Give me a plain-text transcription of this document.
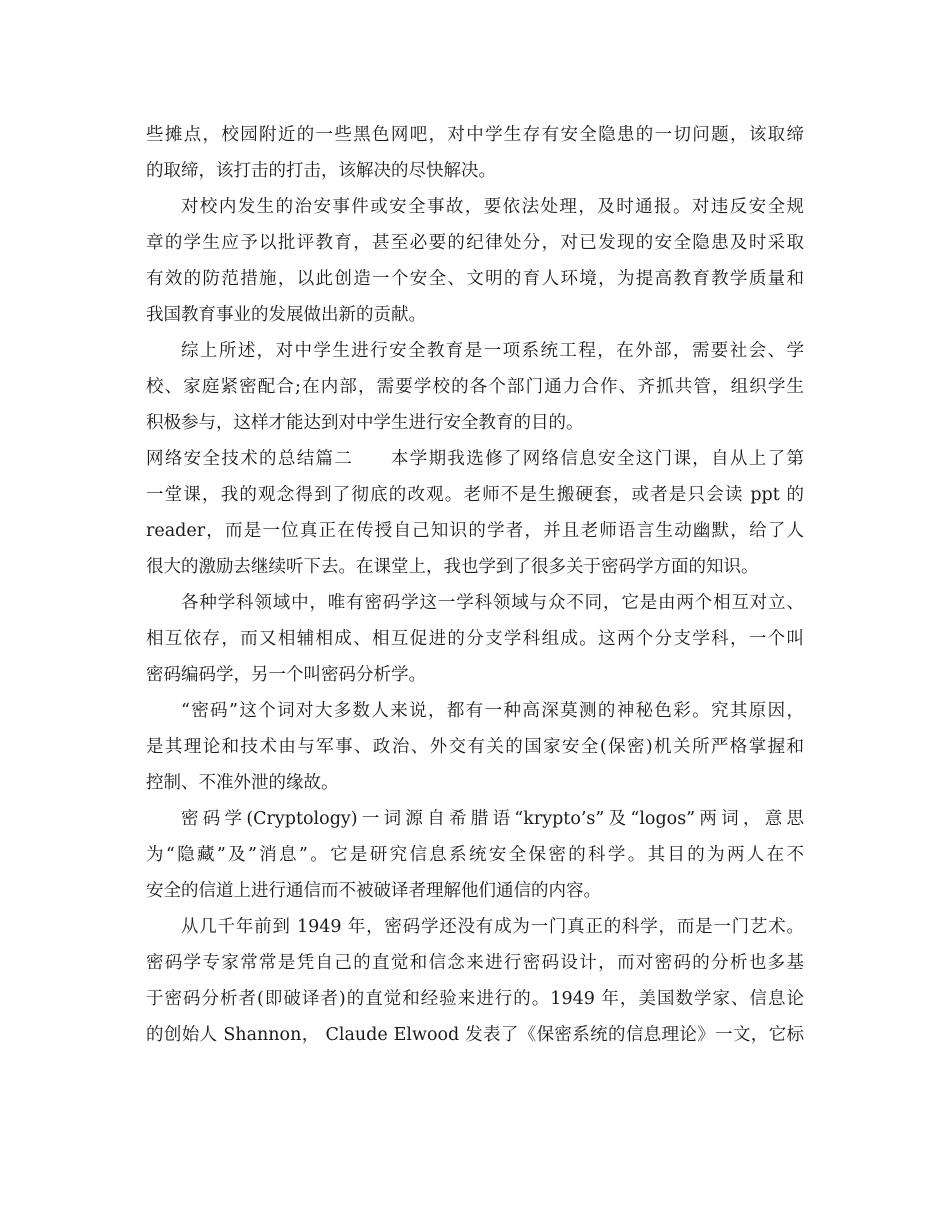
些摊点，校园附近的一些黑色网吧，对中学生存有安全隐患的一切问题，该取缔
的取缔，该打击的打击，该解决的尽快解决。
对校内发生的治安事件或安全事故，要依法处理，及时通报。对违反安全规
章的学生应予以批评教育，甚至必要的纪律处分，对已发现的安全隐患及时采取
有效的防范措施，以此创造一个安全、文明的育人环境，为提高教育教学质量和
我国教育事业的发展做出新的贡献。
综上所述，对中学生进行安全教育是一项系统工程，在外部，需要社会、学
校、家庭紧密配合;在内部，需要学校的各个部门通力合作、齐抓共管，组织学生
积极参与，这样才能达到对中学生进行安全教育的目的。
网络安全技术的总结篇二　　本学期我选修了网络信息安全这门课，自从上了第
一堂课，我的观念得到了彻底的改观。老师不是生搬硬套，或者是只会读 ppt 的
reader，而是一位真正在传授自己知识的学者，并且老师语言生动幽默，给了人
很大的激励去继续听下去。在课堂上，我也学到了很多关于密码学方面的知识。
各种学科领域中，唯有密码学这一学科领域与众不同，它是由两个相互对立、
相互依存，而又相辅相成、相互促进的分支学科组成。这两个分支学科，一个叫
密码编码学，另一个叫密码分析学。
“密码”这个词对大多数人来说，都有一种高深莫测的神秘色彩。究其原因，
是其理论和技术由与军事、政治、外交有关的国家安全(保密)机关所严格掌握和
控制、不准外泄的缘故。
密码学(Cryptology)一词源自希腊语“krypto’s”及“logos”两词，意思
为“隐藏”及”消息”。它是研究信息系统安全保密的科学。其目的为两人在不
安全的信道上进行通信而不被破译者理解他们通信的内容。
从几千年前到 1949 年，密码学还没有成为一门真正的科学，而是一门艺术。
密码学专家常常是凭自己的直觉和信念来进行密码设计，而对密码的分析也多基
于密码分析者(即破译者)的直觉和经验来进行的。1949 年，美国数学家、信息论
的创始人 Shannon， Claude Elwood 发表了《保密系统的信息理论》一文，它标
